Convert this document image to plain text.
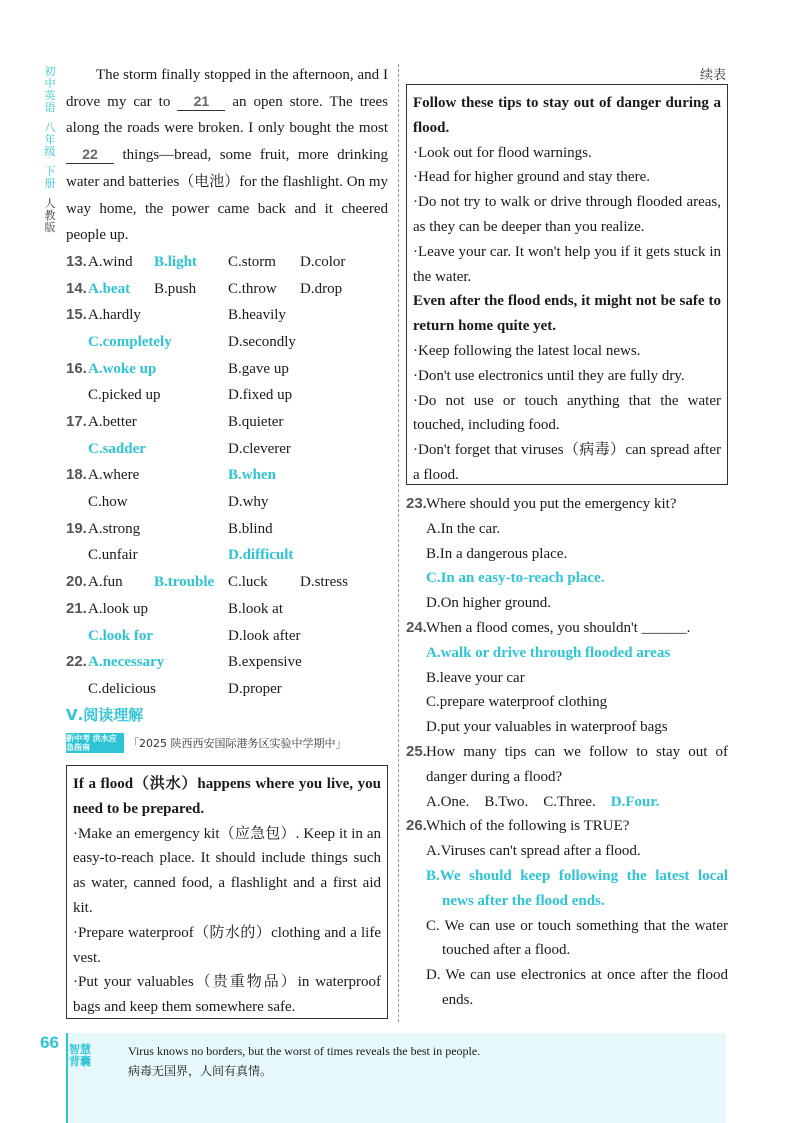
初中英语
八年级
下册
人教版

The storm finally stopped in the afternoon, and I drove my car to 21 an open store. The trees along the roads were broken. I only bought the most 22 things—bread, some fruit, more drinking water and batteries（电池）for the flashlight. On my way home, the power came back and it cheered people up.

13. A.wind B.light C.storm D.color
14. A.beat B.push C.throw D.drop
15. A.hardly	B.heavily
C.completely	D.secondly
16. A.woke up	B.gave up
C.picked up	D.fixed up
17. A.better	B.quieter
C.sadder	D.cleverer
18. A.where	B.when
C.how	D.why
19. A.strong	B.blind
C.unfair	D.difficult
20. A.fun B.trouble C.luck D.stress
21. A.look up	B.look at
C.look for	D.look after
22. A.necessary	B.expensive
C.delicious	D.proper
Ⅴ.阅读理解
新中考 洪水应急指南	「2025 陕西西安国际港务区实验中学期中」
If a flood（洪水）happens where you live, you need to be prepared.
·Make an emergency kit（应急包）. Keep it in an easy-to-reach place. It should include things such as water, canned food, a flashlight and a first aid kit.
·Prepare waterproof（防水的）clothing and a life vest.
·Put your valuables（贵重物品）in waterproof bags and keep them somewhere safe.
续表
Follow these tips to stay out of danger during a flood.
·Look out for flood warnings.
·Head for higher ground and stay there.
·Do not try to walk or drive through flooded areas, as they can be deeper than you realize.
·Leave your car. It won't help you if it gets stuck in the water.
Even after the flood ends, it might not be safe to return home quite yet.
·Keep following the latest local news.
·Don't use electronics until they are fully dry.
·Do not use or touch anything that the water touched, including food.
·Don't forget that viruses（病毒）can spread after a flood.
23. Where should you put the emergency kit?
A.In the car.
B.In a dangerous place.
C.In an easy-to-reach place.
D.On higher ground.
24. When a flood comes, you shouldn't ______.
A.walk or drive through flooded areas
B.leave your car
C.prepare waterproof clothing
D.put your valuables in waterproof bags
25. How many tips can we follow to stay out of danger during a flood?
A.One. B.Two. C.Three. D.Four.
26. Which of the following is TRUE?
A.Viruses can't spread after a flood.
B.We should keep following the latest local news after the flood ends.
C. We can use or touch something that the water touched after a flood.
D. We can use electronics at once after the flood ends.
Virus knows no borders, but the worst of times reveals the best in people.
病毒无国界，人间有真情。
66 智慧背囊
